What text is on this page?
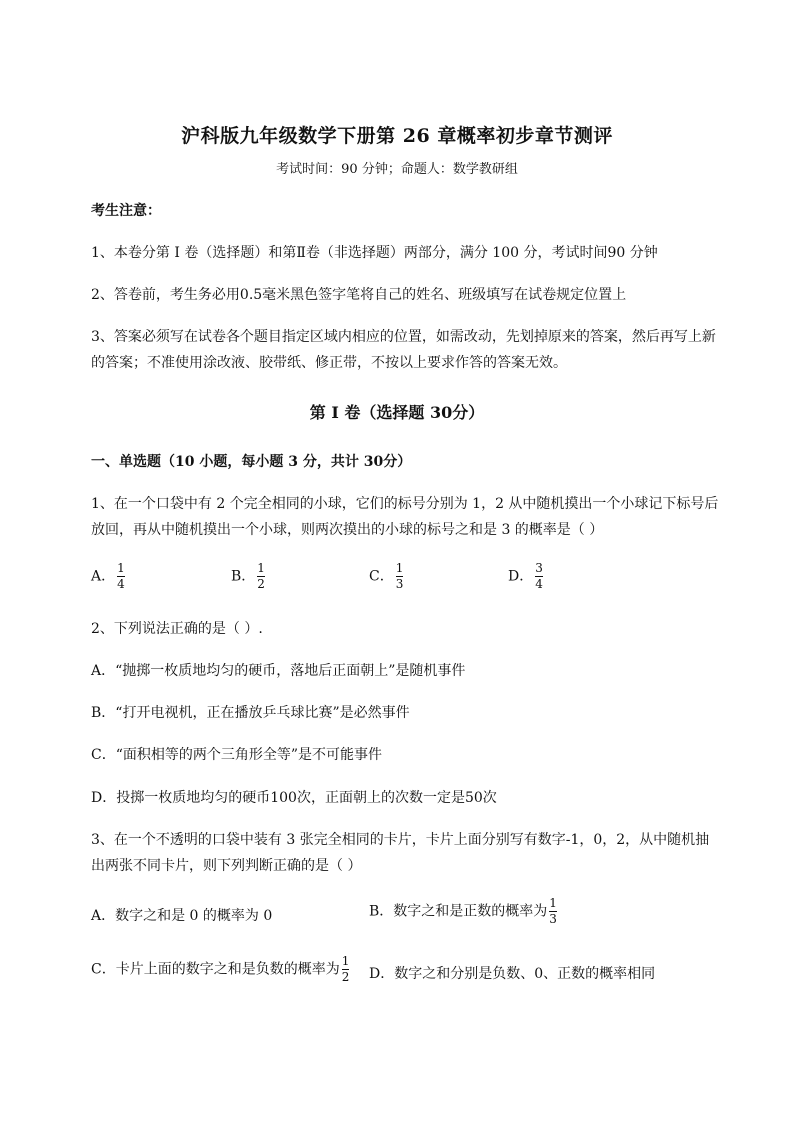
沪科版九年级数学下册第 26 章概率初步章节测评
考试时间：90 分钟；命题人：数学教研组
考生注意：
1、本卷分第 I 卷（选择题）和第Ⅱ卷（非选择题）两部分，满分 100 分，考试时间90 分钟
2、答卷前，考生务必用0.5毫米黑色签字笔将自己的姓名、班级填写在试卷规定位置上
3、答案必须写在试卷各个题目指定区域内相应的位置，如需改动，先划掉原来的答案，然后再写上新
的答案；不准使用涂改液、胶带纸、修正带，不按以上要求作答的答案无效。
第 I 卷（选择题 30分）
一、单选题（10 小题，每小题 3 分，共计 30分）
1、在一个口袋中有 2 个完全相同的小球，它们的标号分别为 1，2 从中随机摸出一个小球记下标号后
放回，再从中随机摸出一个小球，则两次摸出的小球的标号之和是 3 的概率是（ ）
A． $\frac{1}{4}$	B． $\frac{1}{2}$	C． $\frac{1}{3}$	D． $\frac{3}{4}$
2、下列说法正确的是（ ）.
A．“抛掷一枚质地均匀的硬币，落地后正面朝上”是随机事件
B．“打开电视机，正在播放乒乓球比赛”是必然事件
C．“面积相等的两个三角形全等”是不可能事件
D．投掷一枚质地均匀的硬币100次，正面朝上的次数一定是50次
3、在一个不透明的口袋中装有 3 张完全相同的卡片，卡片上面分别写有数字-1，0，2，从中随机抽
出两张不同卡片，则下列判断正确的是（ ）
A．数字之和是 0 的概率为 0	B．数字之和是正数的概率为 $\frac{1}{3}$
C．卡片上面的数字之和是负数的概率为 $\frac{1}{2}$ D．数字之和分别是负数、0、正数的概率相同
